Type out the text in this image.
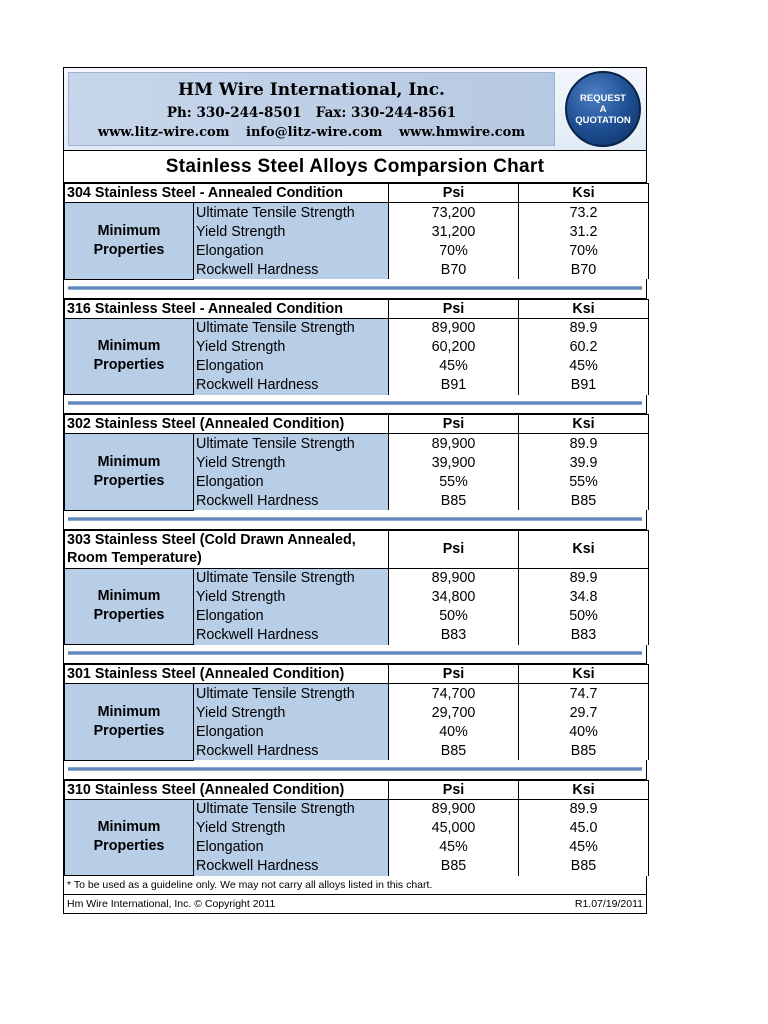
HM Wire International, Inc.
Ph: 330-244-8501 Fax: 330-244-8561
www.litz-wire.com info@litz-wire.com www.hmwire.com
REQUEST
A
QUOTATION
Stainless Steel Alloys Comparsion Chart
304 Stainless Steel - Annealed Condition		Psi	Ksi

Minimum
Properties	Ultimate Tensile Strength	73,200	73.2
	Yield Strength	31,200	31.2
	Elongation	70%	70%
	Rockwell Hardness	B70	B70
316 Stainless Steel - Annealed Condition		Psi	Ksi

Minimum
Properties	Ultimate Tensile Strength	89,900	89.9
	Yield Strength	60,200	60.2
	Elongation	45%	45%
	Rockwell Hardness	B91	B91
302 Stainless Steel (Annealed Condition)		Psi	Ksi

Minimum
Properties	Ultimate Tensile Strength	89,900	89.9
	Yield Strength	39,900	39.9
	Elongation	55%	55%
	Rockwell Hardness	B85	B85
303 Stainless Steel (Cold Drawn Annealed,
Room Temperature)		Psi	Ksi

Minimum
Properties	Ultimate Tensile Strength	89,900	89.9
	Yield Strength	34,800	34.8
	Elongation	50%	50%
	Rockwell Hardness	B83	B83
301 Stainless Steel (Annealed Condition)		Psi	Ksi

Minimum
Properties	Ultimate Tensile Strength	74,700	74.7
	Yield Strength	29,700	29.7
	Elongation	40%	40%
	Rockwell Hardness	B85	B85
310 Stainless Steel (Annealed Condition)		Psi	Ksi

Minimum
Properties	Ultimate Tensile Strength	89,900	89.9
	Yield Strength	45,000	45.0
	Elongation	45%	45%
	Rockwell Hardness	B85	B85
* To be used as a guideline only. We may not carry all alloys listed in this chart.
Hm Wire International, Inc. © Copyright 2011	R1.07/19/2011
